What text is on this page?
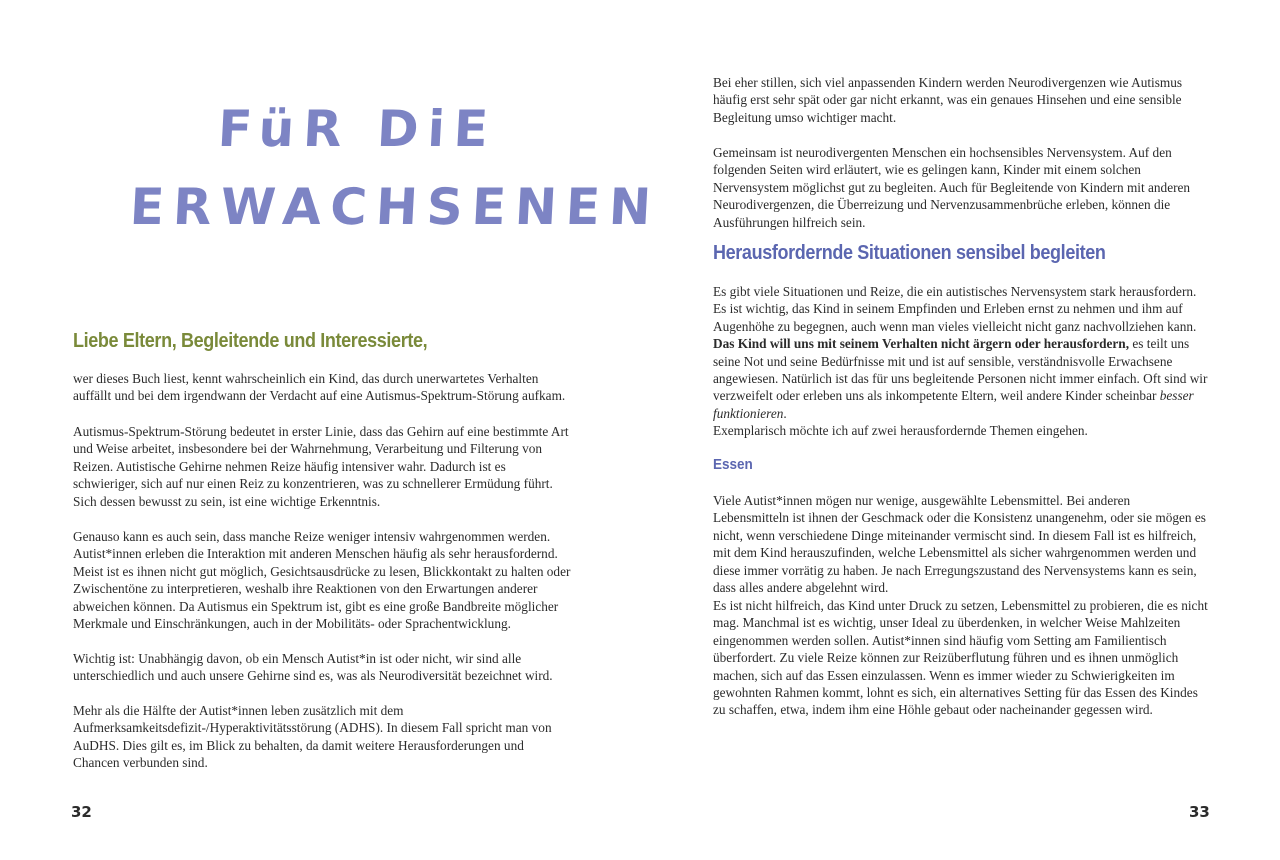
FüR DiE
ERWACHSENEN
Liebe Eltern, Begleitende und Interessierte,

wer dieses Buch liest, kennt wahrscheinlich ein Kind, das durch unerwartetes Verhalten auffällt und bei dem irgendwann der Verdacht auf eine Autismus-Spektrum-Störung aufkam.

Autismus-Spektrum-Störung bedeutet in erster Linie, dass das Gehirn auf eine bestimmte Art und Weise arbeitet, insbesondere bei der Wahrnehmung, Verarbeitung und Filterung von Reizen. Autistische Gehirne nehmen Reize häufig intensiver wahr. Dadurch ist es schwieriger, sich auf nur einen Reiz zu konzentrieren, was zu schnellerer Ermüdung führt. Sich dessen bewusst zu sein, ist eine wichtige Erkenntnis.

Genauso kann es auch sein, dass manche Reize weniger intensiv wahrgenommen werden. Autist*innen erleben die Interaktion mit anderen Menschen häufig als sehr herausfordernd. Meist ist es ihnen nicht gut möglich, Gesichtsausdrücke zu lesen, Blickkontakt zu halten oder Zwischentöne zu interpretieren, weshalb ihre Reaktionen von den Erwartungen anderer abweichen können. Da Autismus ein Spektrum ist, gibt es eine große Bandbreite möglicher Merkmale und Einschränkungen, auch in der Mobilitäts- oder Sprachentwicklung.

Wichtig ist: Unabhängig davon, ob ein Mensch Autist*in ist oder nicht, wir sind alle unterschiedlich und auch unsere Gehirne sind es, was als Neurodiversität bezeichnet wird.

Mehr als die Hälfte der Autist*innen leben zusätzlich mit dem Aufmerksamkeitsdefizit-/Hyperaktivitätsstörung (ADHS). In diesem Fall spricht man von AuDHS. Dies gilt es, im Blick zu behalten, da damit weitere Herausforderungen und Chancen verbunden sind.

32

Bei eher stillen, sich viel anpassenden Kindern werden Neurodivergenzen wie Autismus häufig erst sehr spät oder gar nicht erkannt, was ein genaues Hinsehen und eine sensible Begleitung umso wichtiger macht.

Gemeinsam ist neurodivergenten Menschen ein hochsensibles Nervensystem. Auf den folgenden Seiten wird erläutert, wie es gelingen kann, Kinder mit einem solchen Nervensystem möglichst gut zu begleiten. Auch für Begleitende von Kindern mit anderen Neurodivergenzen, die Überreizung und Nervenzusammenbrüche erleben, können die Ausführungen hilfreich sein.

Herausfordernde Situationen sensibel begleiten

Es gibt viele Situationen und Reize, die ein autistisches Nervensystem stark herausfordern. Es ist wichtig, das Kind in seinem Empfinden und Erleben ernst zu nehmen und ihm auf Augenhöhe zu begegnen, auch wenn man vieles vielleicht nicht ganz nachvollziehen kann. Das Kind will uns mit seinem Verhalten nicht ärgern oder herausfordern, es teilt uns seine Not und seine Bedürfnisse mit und ist auf sensible, verständnisvolle Erwachsene angewiesen. Natürlich ist das für uns begleitende Personen nicht immer einfach. Oft sind wir verzweifelt oder erleben uns als inkompetente Eltern, weil andere Kinder scheinbar besser funktionieren.
Exemplarisch möchte ich auf zwei herausfordernde Themen eingehen.

Essen

Viele Autist*innen mögen nur wenige, ausgewählte Lebensmittel. Bei anderen Lebensmitteln ist ihnen der Geschmack oder die Konsistenz unangenehm, oder sie mögen es nicht, wenn verschiedene Dinge miteinander vermischt sind. In diesem Fall ist es hilfreich, mit dem Kind herauszufinden, welche Lebensmittel als sicher wahrgenommen werden und diese immer vorrätig zu haben. Je nach Erregungszustand des Nervensystems kann es sein, dass alles andere abgelehnt wird.

Es ist nicht hilfreich, das Kind unter Druck zu setzen, Lebensmittel zu probieren, die es nicht mag. Manchmal ist es wichtig, unser Ideal zu überdenken, in welcher Weise Mahlzeiten eingenommen werden sollen. Autist*innen sind häufig vom Setting am Familientisch überfordert. Zu viele Reize können zur Reizüberflutung führen und es ihnen unmöglich machen, sich auf das Essen einzulassen. Wenn es immer wieder zu Schwierigkeiten im gewohnten Rahmen kommt, lohnt es sich, ein alternatives Setting für das Essen des Kindes zu schaffen, etwa, indem ihm eine Höhle gebaut oder nacheinander gegessen wird.

33
